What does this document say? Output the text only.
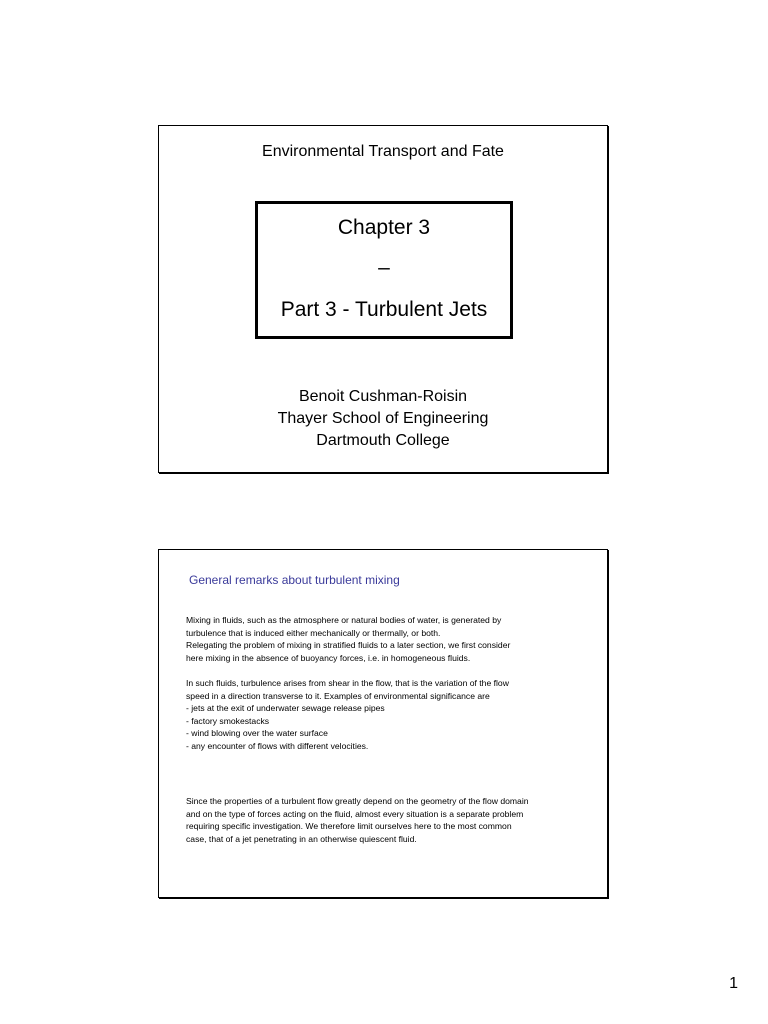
Environmental Transport and Fate
Chapter 3
–
Part 3 - Turbulent Jets
Benoit Cushman-Roisin
Thayer School of Engineering
Dartmouth College
General remarks about turbulent mixing
Mixing in fluids, such as the atmosphere or natural bodies of water, is generated by
turbulence that is induced either mechanically or thermally, or both.
Relegating the problem of mixing in stratified fluids to a later section, we first consider
here mixing in the absence of buoyancy forces, i.e. in homogeneous fluids.
In such fluids, turbulence arises from shear in the flow, that is the variation of the flow
speed in a direction transverse to it. Examples of environmental significance are
- jets at the exit of underwater sewage release pipes
- factory smokestacks
- wind blowing over the water surface
- any encounter of flows with different velocities.
Since the properties of a turbulent flow greatly depend on the geometry of the flow domain
and on the type of forces acting on the fluid, almost every situation is a separate problem
requiring specific investigation. We therefore limit ourselves here to the most common
case, that of a jet penetrating in an otherwise quiescent fluid.
1
